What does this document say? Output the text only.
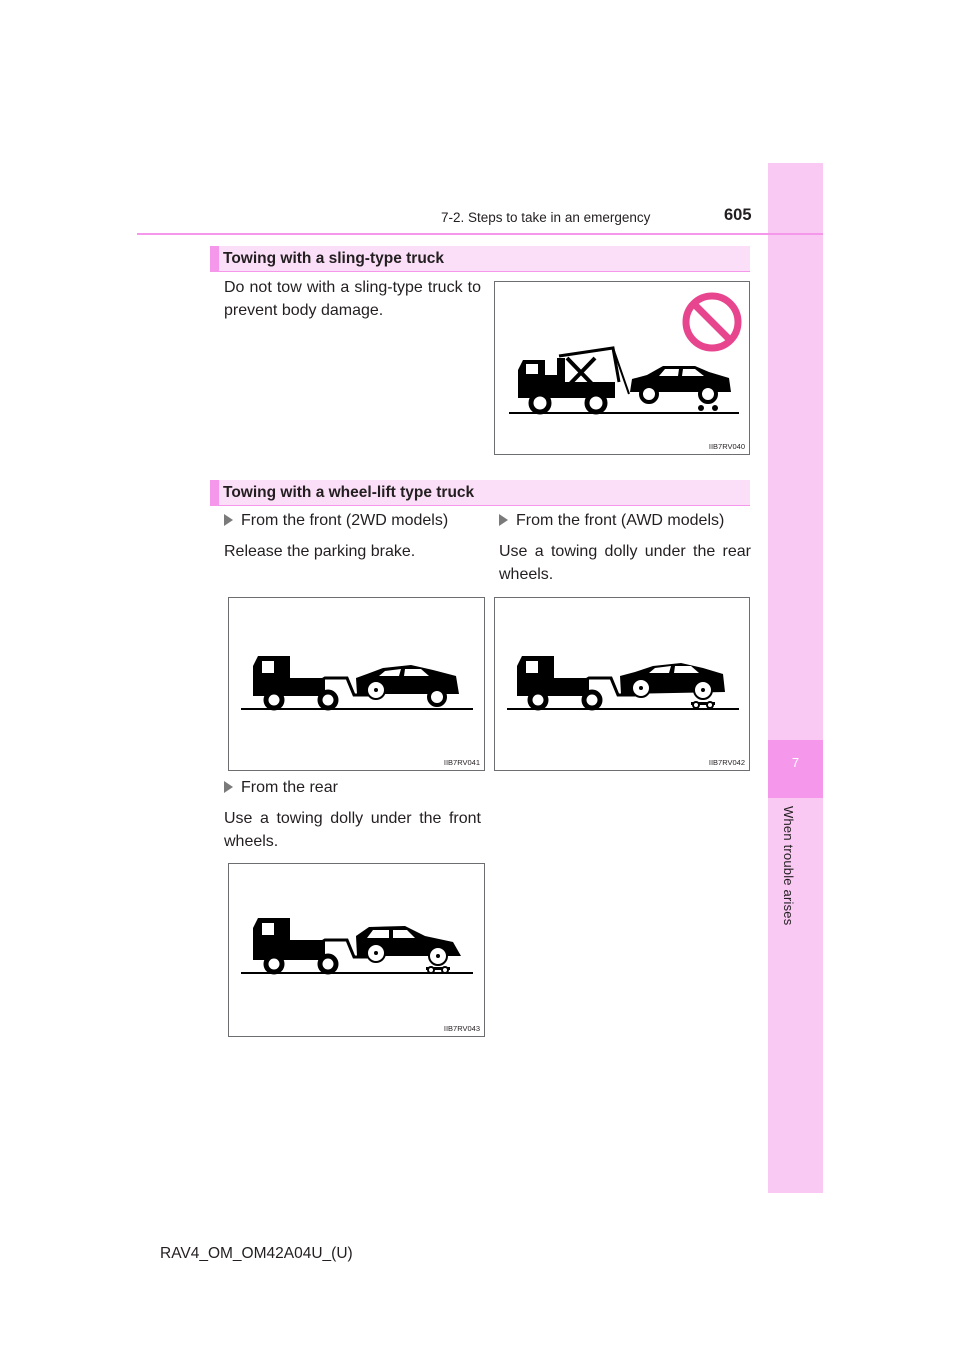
7
When trouble arises
7-2. Steps to take in an emergency	605
Towing with a sling-type truck
Do not tow with a sling-type truck to prevent body damage.
IIB7RV040
Towing with a wheel-lift type truck
From the front (2WD models)
Release the parking brake.
From the front (AWD models)
Use a towing dolly under the rear wheels.
IIB7RV041	IIB7RV042
From the rear
Use a towing dolly under the front wheels.
IIB7RV043
RAV4_OM_OM42A04U_(U)
